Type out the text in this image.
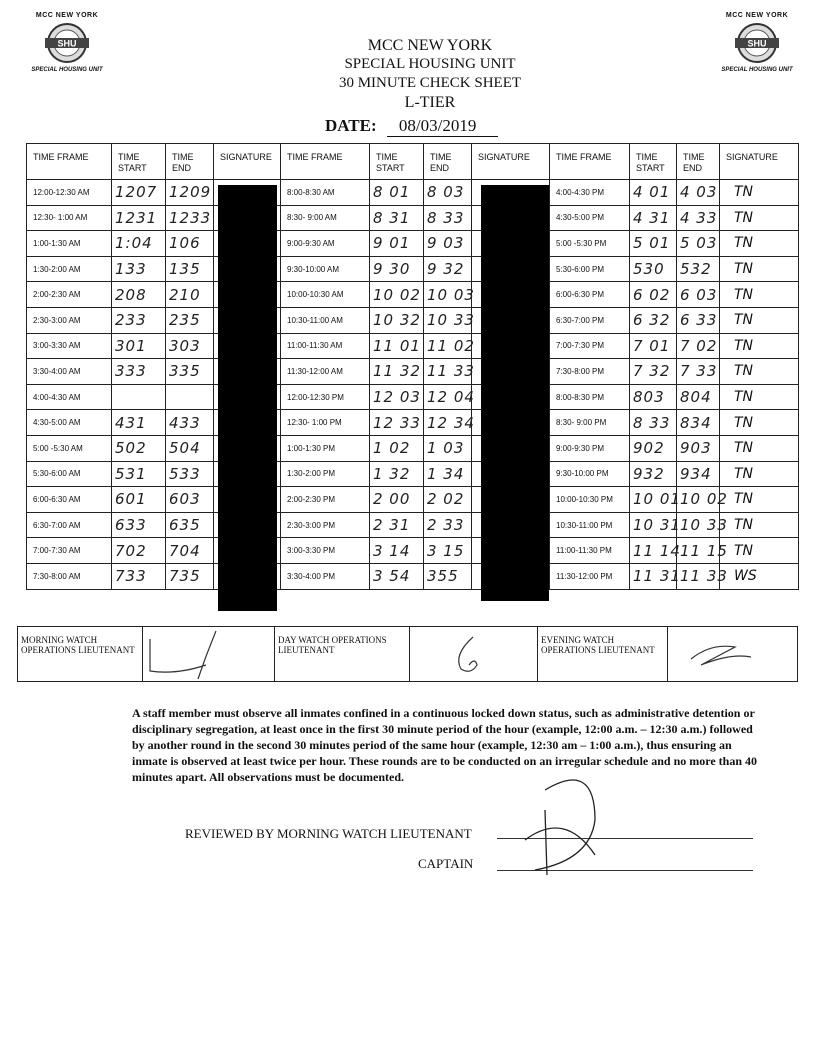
MCC NEW YORK
SHU
SPECIAL HOUSING UNIT
MCC NEW YORK
SHU
SPECIAL HOUSING UNIT
MCC NEW YORK
SPECIAL HOUSING UNIT
30 MINUTE CHECK SHEET
L-TIER
DATE: 08/03/2019
TIME FRAME	TIME START	TIME END	SIGNATURE	TIME FRAME	TIME START	TIME END	SIGNATURE	TIME FRAME	TIME START	TIME END	SIGNATURE
12:00-12:30 AM	1207	1209		8:00-8:30 AM	8 01	8 03		4:00-4:30 PM	4 01	4 03	TN
12:30- 1:00 AM	1231	1233		8:30- 9:00 AM	8 31	8 33		4:30-5:00 PM	4 31	4 33	TN
1:00-1:30 AM	1:04	106		9:00-9:30 AM	9 01	9 03		5:00 -5:30 PM	5 01	5 03	TN
1:30-2:00 AM	133	135		9:30-10:00 AM	9 30	9 32		5:30-6:00 PM	530	532	TN
2:00-2:30 AM	208	210		10:00-10:30 AM	10 02	10 03		6:00-6:30 PM	6 02	6 03	TN
2:30-3:00 AM	233	235		10:30-11:00 AM	10 32	10 33		6:30-7:00 PM	6 32	6 33	TN
3:00-3:30 AM	301	303		11:00-11:30 AM	11 01	11 02		7:00-7:30 PM	7 01	7 02	TN
3:30-4:00 AM	333	335		11:30-12:00 AM	11 32	11 33		7:30-8:00 PM	7 32	7 33	TN
4:00-4:30 AM				12:00-12:30 PM	12 03	12 04		8:00-8:30 PM	803	804	TN
4:30-5:00 AM	431	433		12:30- 1:00 PM	12 33	12 34		8:30- 9:00 PM	8 33	834	TN
5:00 -5:30 AM	502	504		1:00-1:30 PM	1 02	1 03		9:00-9:30 PM	902	903	TN
5:30-6:00 AM	531	533		1:30-2:00 PM	1 32	1 34		9:30-10:00 PM	932	934	TN
6:00-6:30 AM	601	603		2:00-2:30 PM	2 00	2 02		10:00-10:30 PM	10 01	10 02	TN
6:30-7:00 AM	633	635		2:30-3:00 PM	2 31	2 33		10:30-11:00 PM	10 31	10 33	TN
7:00-7:30 AM	702	704		3:00-3:30 PM	3 14	3 15		11:00-11:30 PM	11 14	11 15	TN
7:30-8:00 AM	733	735		3:30-4:00 PM	3 54	355		11:30-12:00 PM	11 31	11 33	WS
MORNING WATCH OPERATIONS LIEUTENANT		DAY WATCH OPERATIONS LIEUTENANT		EVENING WATCH OPERATIONS LIEUTENANT	
A staff member must observe all inmates confined in a continuous locked down status, such as administrative detention or disciplinary segregation, at least once in the first 30 minute period of the hour (example, 12:00 a.m. – 12:30 a.m.) followed by another round in the second 30 minutes period of the same hour (example, 12:30 am – 1:00 a.m.), thus ensuring an inmate is observed at least twice per hour. These rounds are to be conducted on an irregular schedule and no more than 40 minutes apart. All observations must be documented.
REVIEWED BY MORNING WATCH LIEUTENANT
CAPTAIN
